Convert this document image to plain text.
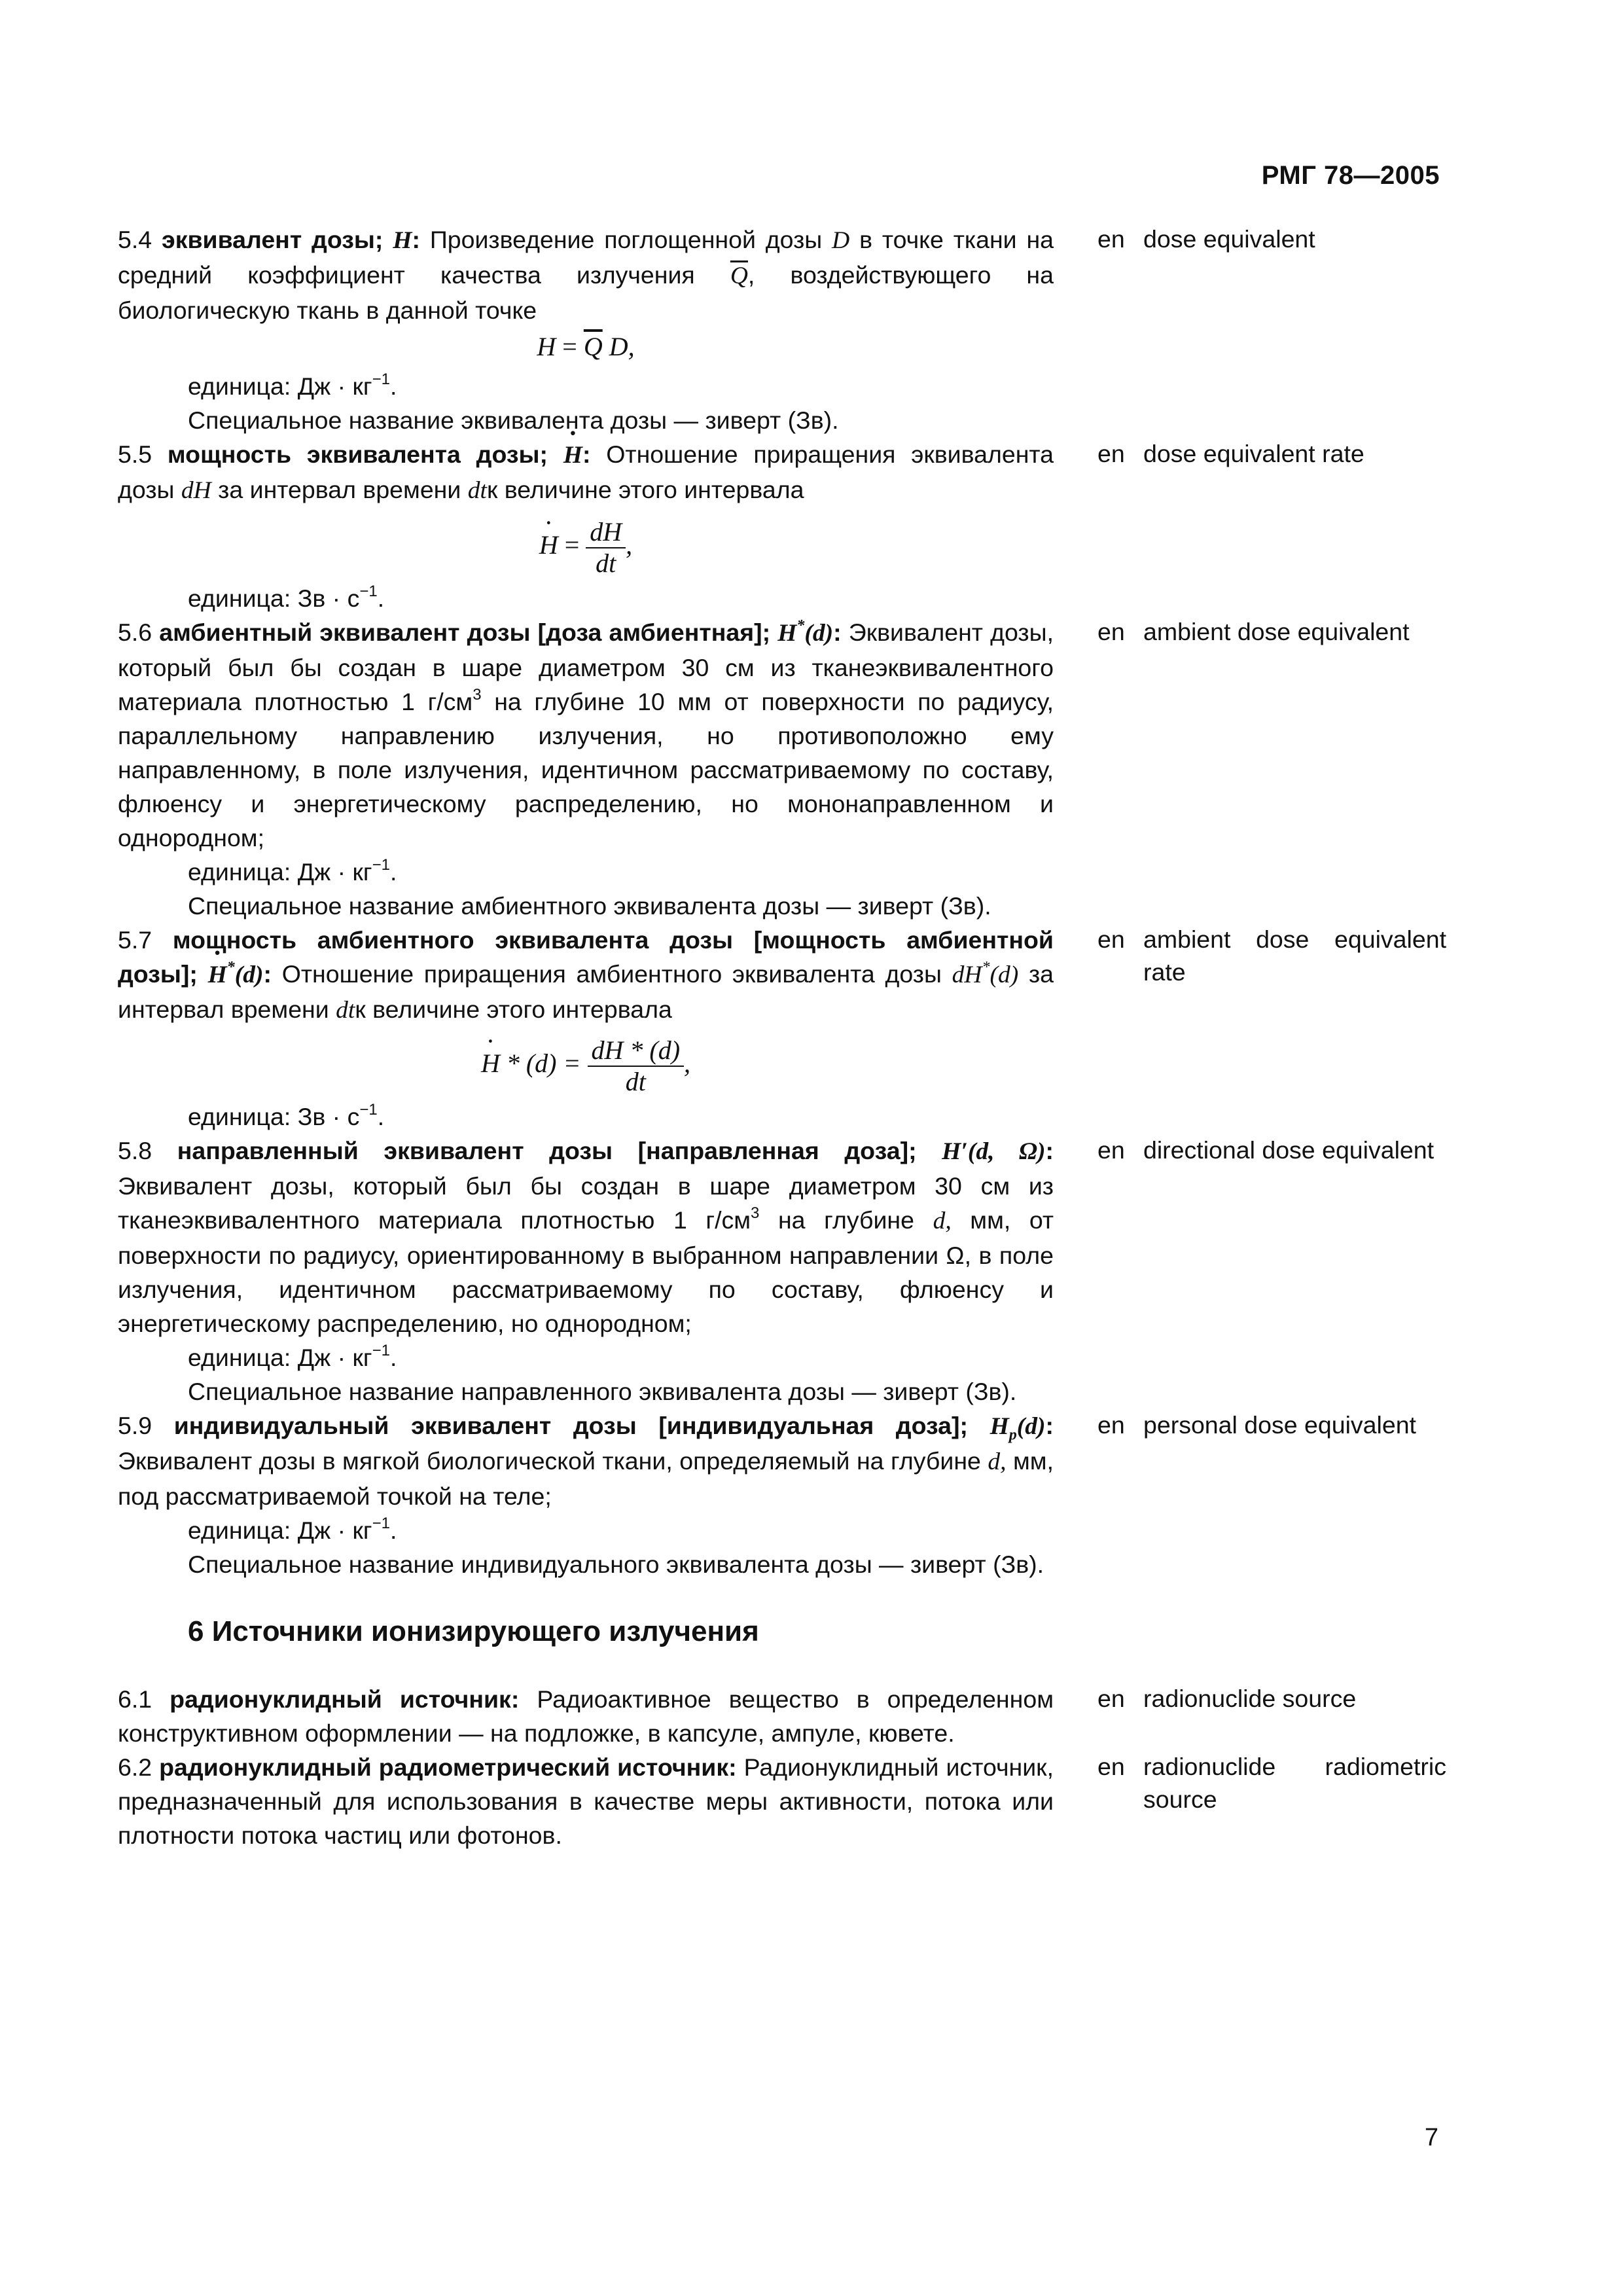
РМГ 78—2005
5.4 эквивалент дозы; H: Произведение поглощенной дозы D в точке ткани на средний коэффициент качества излучения $\overline{Q}$, воздействующего на биологическую ткань в данной точке
$H = \overline{Q}$ D,
единица: Дж · $кг^{-1}$.
Специальное название эквивалента дозы — зиверт (Зв).
en dose equivalent
5.5 мощность эквивалента дозы; · H: Отношение приращения эквивалента дозы dH за интервал времени dtк величине этого интервала
· $H = \frac{dH}{dt}$ ,
единица: Зв · $с^{-1}$.
en dose equivalent rate
5.6 амбиентный эквивалент дозы [доза амбиентная]; H*(d): Эквивалент дозы, который был бы создан в шаре диаметром 30 см из тканеэквивалентного материала плотностью 1 $г/см^3$ на глубине 10 мм от поверхности по радиусу, параллельному направлению излучения, но противоположно ему направленному, в поле излучения, идентичном рассматриваемому по составу, флюенсу и энергетическому распределению, но мононаправленном и однородном;
единица: Дж · $кг^{-1}$.
Специальное название амбиентного эквивалента дозы — зиверт (Зв).
en ambient dose equivalent
5.7 мощность амбиентного эквивалента дозы [мощность амбиентной дозы]; · H*(d): Отношение приращения амбиентного эквивалента дозы dH*(d) за интервал времени dtк величине этого интервала
· $H * (d) = \frac{dH * (d)}{dt}$ ,
единица: Зв · $с^{-1}$.
en ambient dose equivalent rate
5.8 направленный эквивалент дозы [направленная доза]; H′(d, Ω): Эквивалент дозы, который был бы создан в шаре диаметром 30 см из тканеэквивалентного материала плотностью 1 $г/см^3$ на глубине d, мм, от поверхности по радиусу, ориентированному в выбранном направлении Ω, в поле излучения, идентичном рассматриваемому по составу, флюенсу и энергетическому распределению, но однородном;
единица: Дж · $кг^{-1}$.
Специальное название направленного эквивалента дозы — зиверт (Зв).
en directional dose equivalent
5.9 индивидуальный эквивалент дозы [индивидуальная доза]; $H_p(d)$: Эквивалент дозы в мягкой биологической ткани, определяемый на глубине d, мм, под рассматриваемой точкой на теле;
единица: Дж · $кг^{-1}$.
Специальное название индивидуального эквивалента дозы — зиверт (Зв).
en personal dose equivalent
6 Источники ионизирующего излучения
6.1 радионуклидный источник: Радиоактивное вещество в определенном конструктивном оформлении — на подложке, в капсуле, ампуле, кювете.
en radionuclide source
6.2 радионуклидный радиометрический источник: Радионуклидный источник, предназначенный для использования в качестве меры активности, потока или плотности потока частиц или фотонов.
en radionuclide radiometric source
7
